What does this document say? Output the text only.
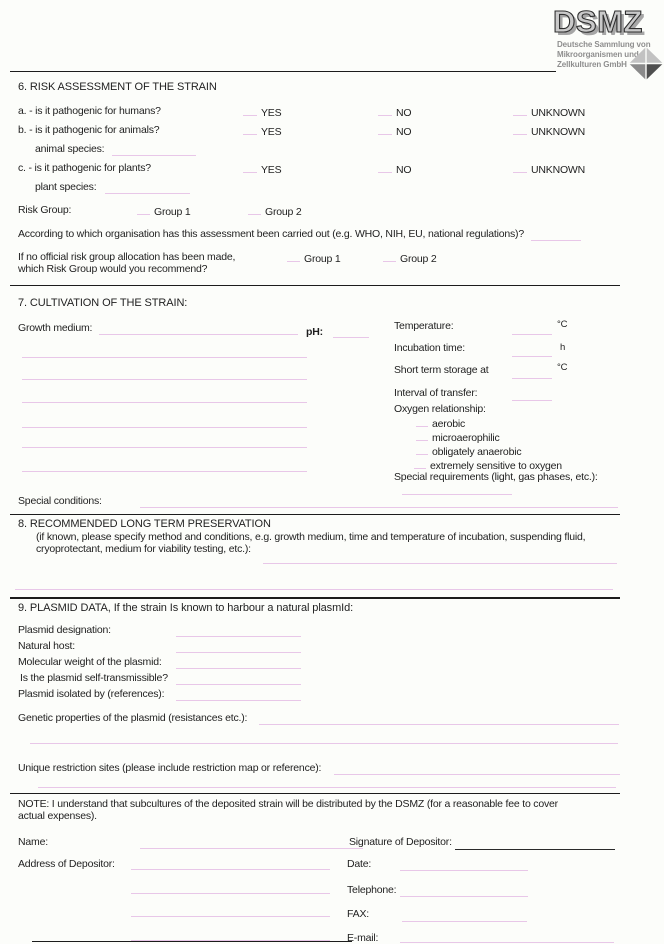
DSMZ
Deutsche Sammlung von
Mikroorganismen und
Zellkulturen GmbH
6. RISK ASSESSMENT OF THE STRAIN
a. - is it pathogenic for humans?	YES	NO	UNKNOWN
b. - is it pathogenic for animals?	YES	NO	UNKNOWN
animal species:
c. - is it pathogenic for plants?	YES	NO	UNKNOWN
plant species:
Risk Group:	Group 1	Group 2
According to which organisation has this assessment been carried out (e.g. WHO, NIH, EU, national regulations)?
If no official risk group allocation has been made,
which Risk Group would you recommend?
Group 1	Group 2
7. CULTIVATION OF THE STRAIN:
Growth medium:	pH:	Temperature:	°C
Incubation time:	h
Short term storage at	°C
Interval of transfer:
Oxygen relationship:
aerobic
microaerophilic
obligately anaerobic
extremely sensitive to oxygen
Special requirements (light, gas phases, etc.):
Special conditions:
8. RECOMMENDED LONG TERM PRESERVATION
(if known, please specify method and conditions, e.g. growth medium, time and temperature of incubation, suspending fluid,
cryoprotectant, medium for viability testing, etc.):
9. PLASMID DATA, If the strain Is known to harbour a natural plasmId:
Plasmid designation:
Natural host:
Molecular weight of the plasmid:
Is the plasmid self-transmissible?
Plasmid isolated by (references):
Genetic properties of the plasmid (resistances etc.):
Unique restriction sites (please include restriction map or reference):
NOTE: I understand that subcultures of the deposited strain will be distributed by the DSMZ (for a reasonable fee to cover
actual expenses).
Name:	Signature of Depositor:
Address of Depositor:	Date:
Telephone:
FAX:
E-mail:
